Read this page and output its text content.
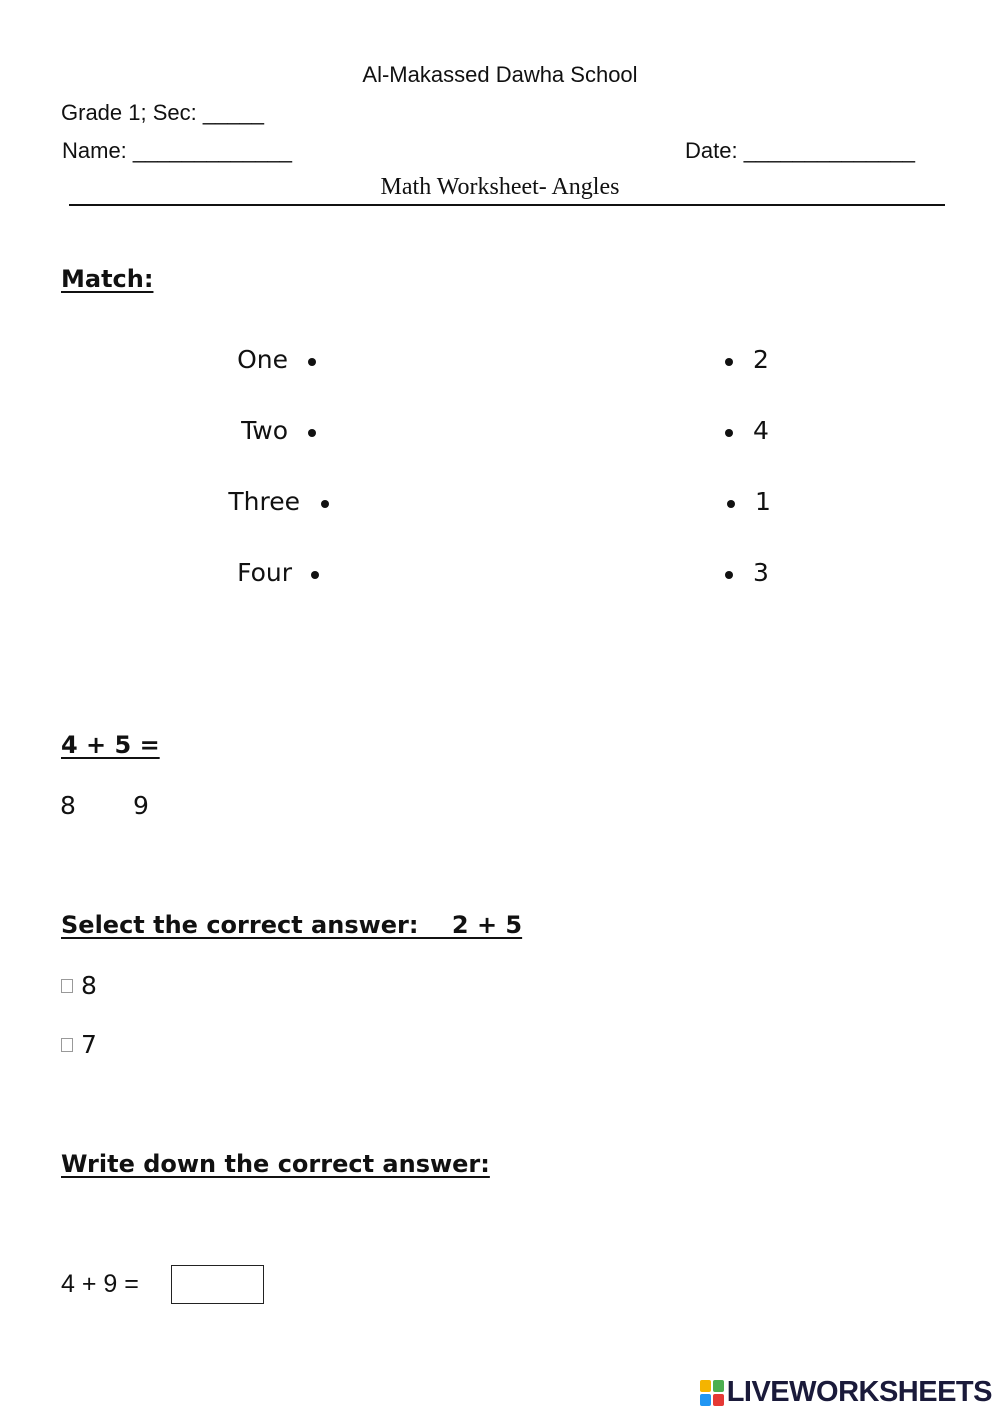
Al-Makassed Dawha School
Grade 1; Sec: _____
Name: _____________	Date: ______________
Math Worksheet- Angles
Match:
One
Two
Three
Four
2
4
1
3
4 + 5 =
8 9
Select the correct answer:    2 + 5
8
7
Write down the correct answer:
4 + 9 =
LIVEWORKSHEETS
